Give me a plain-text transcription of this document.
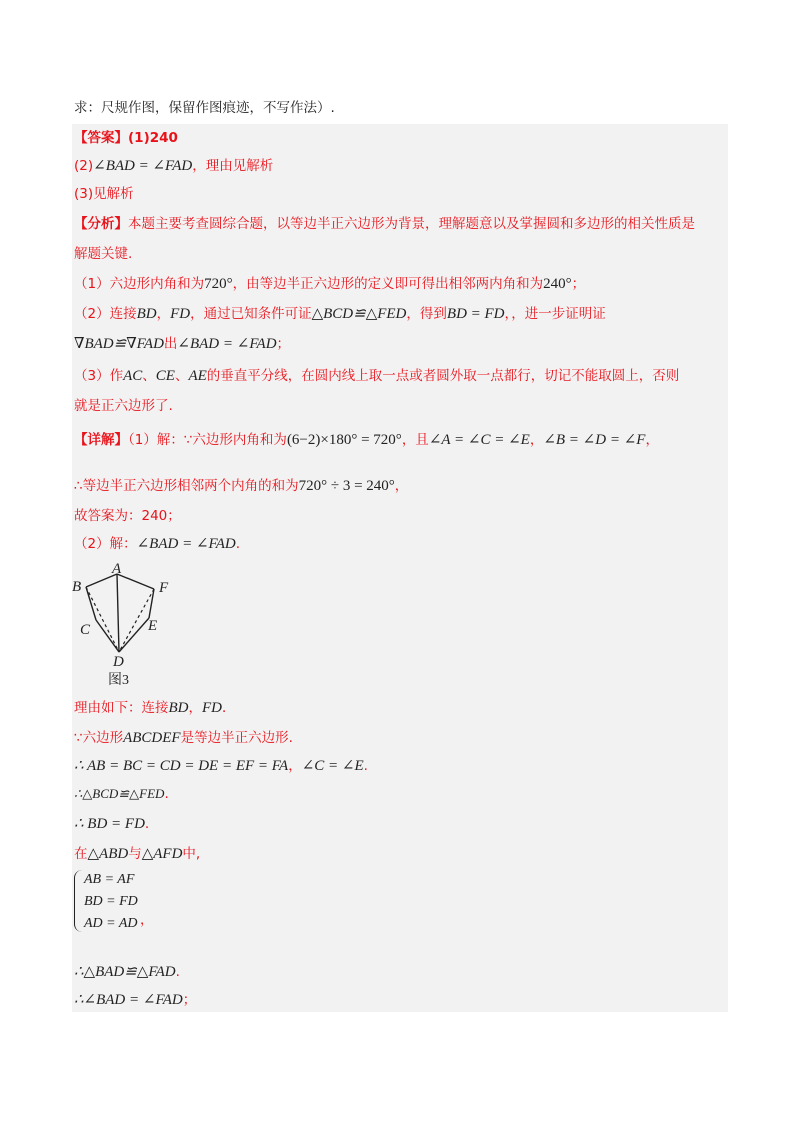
求：尺规作图，保留作图痕迹，不写作法）.
【答案】(1)240
(2)∠BAD = ∠FAD，理由见解析
(3)见解析
【分析】本题主要考查圆综合题，以等边半正六边形为背景，理解题意以及掌握圆和多边形的相关性质是
解题关键.
（1）六边形内角和为720°，由等边半正六边形的定义即可得出相邻两内角和为240°；
（2）连接BD，FD，通过已知条件可证△BCD≌△FED，得到BD = FD，，进一步证明证
∇BAD≌∇FAD出∠BAD = ∠FAD；
（3）作AC、CE、AE的垂直平分线，在圆内线上取一点或者圆外取一点都行，切记不能取圆上，否则
就是正六边形了.
【详解】（1）解：∵六边形内角和为(6−2)×180° = 720°，且∠A = ∠C = ∠E，∠B = ∠D = ∠F，
∴等边半正六边形相邻两个内角的和为720° ÷ 3 = 240°，
故答案为：240；
（2）解：∠BAD = ∠FAD.
A
B	F
C	E
D
图3
理由如下：连接BD，FD．
∵六边形ABCDEF是等边半正六边形.
∴ AB = BC = CD = DE = EF = FA，∠C = ∠E.
∴△BCD≌△FED.
∴ BD = FD.
在△ABD与△AFD中,
AB = AF
BD = FD
AD = AD ，
∴△BAD≌△FAD.
∴∠BAD = ∠FAD；
